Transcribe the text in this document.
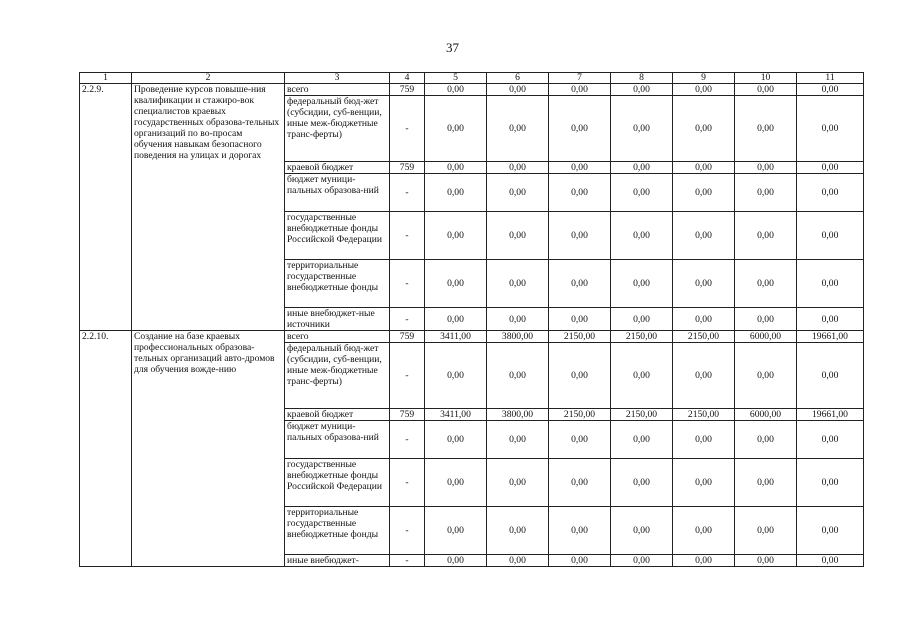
37
1	2	3	4	5	6	7	8	9	10	11
2.2.9.	Проведение курсов повыше-ния квалификации и стажиро-вок специалистов краевых государственных образова-тельных организаций по во-просам обучения навыкам безопасного поведения на улицах и дорогах	всего	759	0,00	0,00	0,00	0,00	0,00	0,00	0,00
		федеральный бюд-жет (субсидии, суб-венции, иные меж-бюджетные транс-ферты)	-	0,00	0,00	0,00	0,00	0,00	0,00	0,00
		краевой бюджет	759	0,00	0,00	0,00	0,00	0,00	0,00	0,00
		бюджет муници-пальных образова-ний	-	0,00	0,00	0,00	0,00	0,00	0,00	0,00
		государственные внебюджетные фонды Российской Федерации	-	0,00	0,00	0,00	0,00	0,00	0,00	0,00
		территориальные государственные внебюджетные фонды	-	0,00	0,00	0,00	0,00	0,00	0,00	0,00
		иные внебюджет-ные источники	-	0,00	0,00	0,00	0,00	0,00	0,00	0,00
2.2.10.	Создание на базе краевых профессиональных образова-тельных организаций авто-дромов для обучения вожде-нию	всего	759	3411,00	3800,00	2150,00	2150,00	2150,00	6000,00	19661,00
		федеральный бюд-жет (субсидии, суб-венции, иные меж-бюджетные транс-ферты)	-	0,00	0,00	0,00	0,00	0,00	0,00	0,00
		краевой бюджет	759	3411,00	3800,00	2150,00	2150,00	2150,00	6000,00	19661,00
		бюджет муници-пальных образова-ний	-	0,00	0,00	0,00	0,00	0,00	0,00	0,00
		государственные внебюджетные фонды Российской Федерации	-	0,00	0,00	0,00	0,00	0,00	0,00	0,00
		территориальные государственные внебюджетные фонды	-	0,00	0,00	0,00	0,00	0,00	0,00	0,00
		иные внебюджет-	-	0,00	0,00	0,00	0,00	0,00	0,00	0,00
